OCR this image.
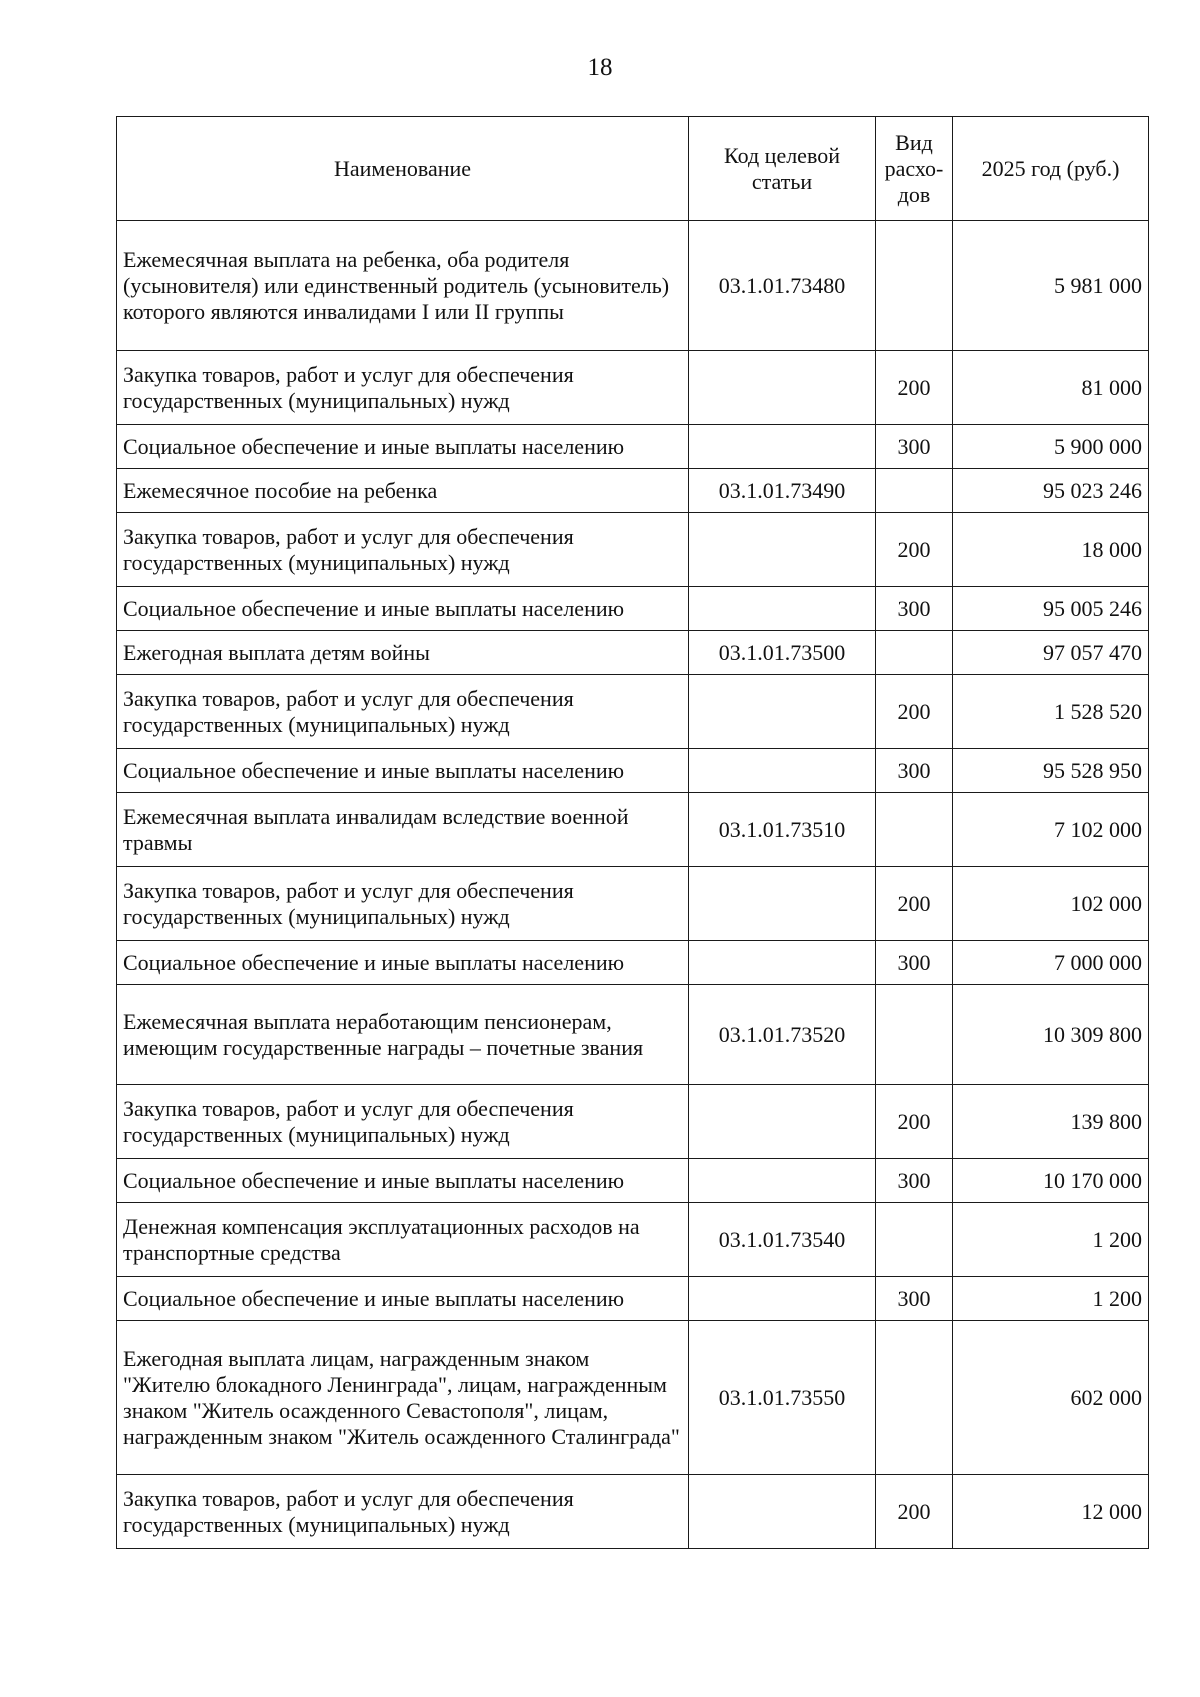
18
Наименование	Код целевой статьи	Вид расхо-дов	2025 год (руб.)
Ежемесячная выплата на ребенка, оба родителя (усыновителя) или единственный родитель (усыновитель) которого являются инвалидами I или II группы	03.1.01.73480		5 981 000
Закупка товаров, работ и услуг для обеспечения государственных (муниципальных) нужд		200	81 000
Социальное обеспечение и иные выплаты населению		300	5 900 000
Ежемесячное пособие на ребенка	03.1.01.73490		95 023 246
Закупка товаров, работ и услуг для обеспечения государственных (муниципальных) нужд		200	18 000
Социальное обеспечение и иные выплаты населению		300	95 005 246
Ежегодная выплата детям войны	03.1.01.73500		97 057 470
Закупка товаров, работ и услуг для обеспечения государственных (муниципальных) нужд		200	1 528 520
Социальное обеспечение и иные выплаты населению		300	95 528 950
Ежемесячная выплата инвалидам вследствие военной травмы	03.1.01.73510		7 102 000
Закупка товаров, работ и услуг для обеспечения государственных (муниципальных) нужд		200	102 000
Социальное обеспечение и иные выплаты населению		300	7 000 000
Ежемесячная выплата неработающим пенсионерам, имеющим государственные награды – почетные звания	03.1.01.73520		10 309 800
Закупка товаров, работ и услуг для обеспечения государственных (муниципальных) нужд		200	139 800
Социальное обеспечение и иные выплаты населению		300	10 170 000
Денежная компенсация эксплуатационных расходов на транспортные средства	03.1.01.73540		1 200
Социальное обеспечение и иные выплаты населению		300	1 200
Ежегодная выплата лицам, награжденным знаком "Жителю блокадного Ленинграда", лицам, награжденным знаком "Житель осажденного Севастополя", лицам, награжденным знаком "Житель осажденного Сталинграда"	03.1.01.73550		602 000
Закупка товаров, работ и услуг для обеспечения государственных (муниципальных) нужд		200	12 000
